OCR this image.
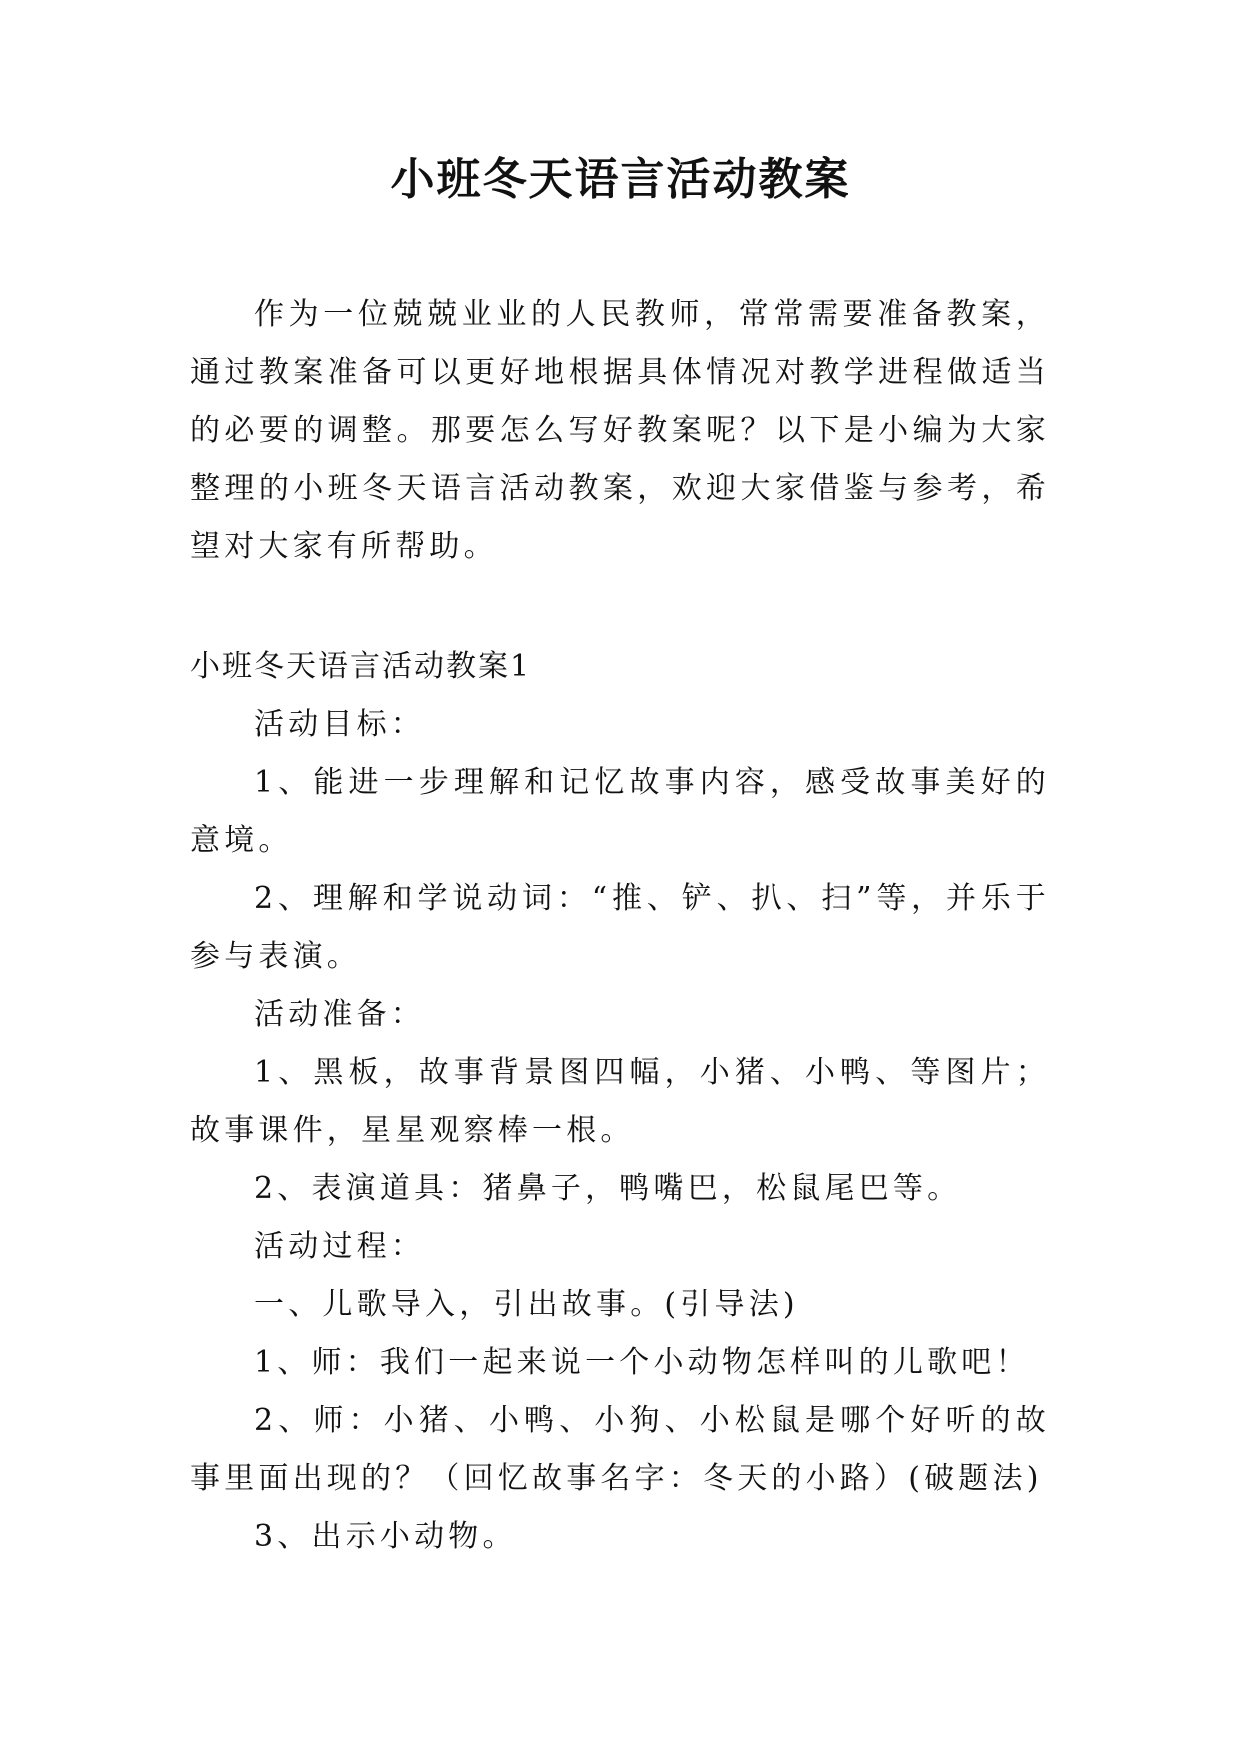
小班冬天语言活动教案

作为一位兢兢业业的人民教师，常常需要准备教案，通过教案准备可以更好地根据具体情况对教学进程做适当的必要的调整。那要怎么写好教案呢？以下是小编为大家整理的小班冬天语言活动教案，欢迎大家借鉴与参考，希望对大家有所帮助。

小班冬天语言活动教案1

活动目标：

1、能进一步理解和记忆故事内容，感受故事美好的意境。

2、理解和学说动词：“推、铲、扒、扫”等，并乐于参与表演。

活动准备：

1、黑板，故事背景图四幅，小猪、小鸭、等图片；故事课件，星星观察棒一根。

2、表演道具：猪鼻子，鸭嘴巴，松鼠尾巴等。

活动过程：

一、儿歌导入，引出故事。(引导法)

1、师：我们一起来说一个小动物怎样叫的儿歌吧！

2、师：小猪、小鸭、小狗、小松鼠是哪个好听的故事里面出现的？（回忆故事名字：冬天的小路）(破题法)

3、出示小动物。
